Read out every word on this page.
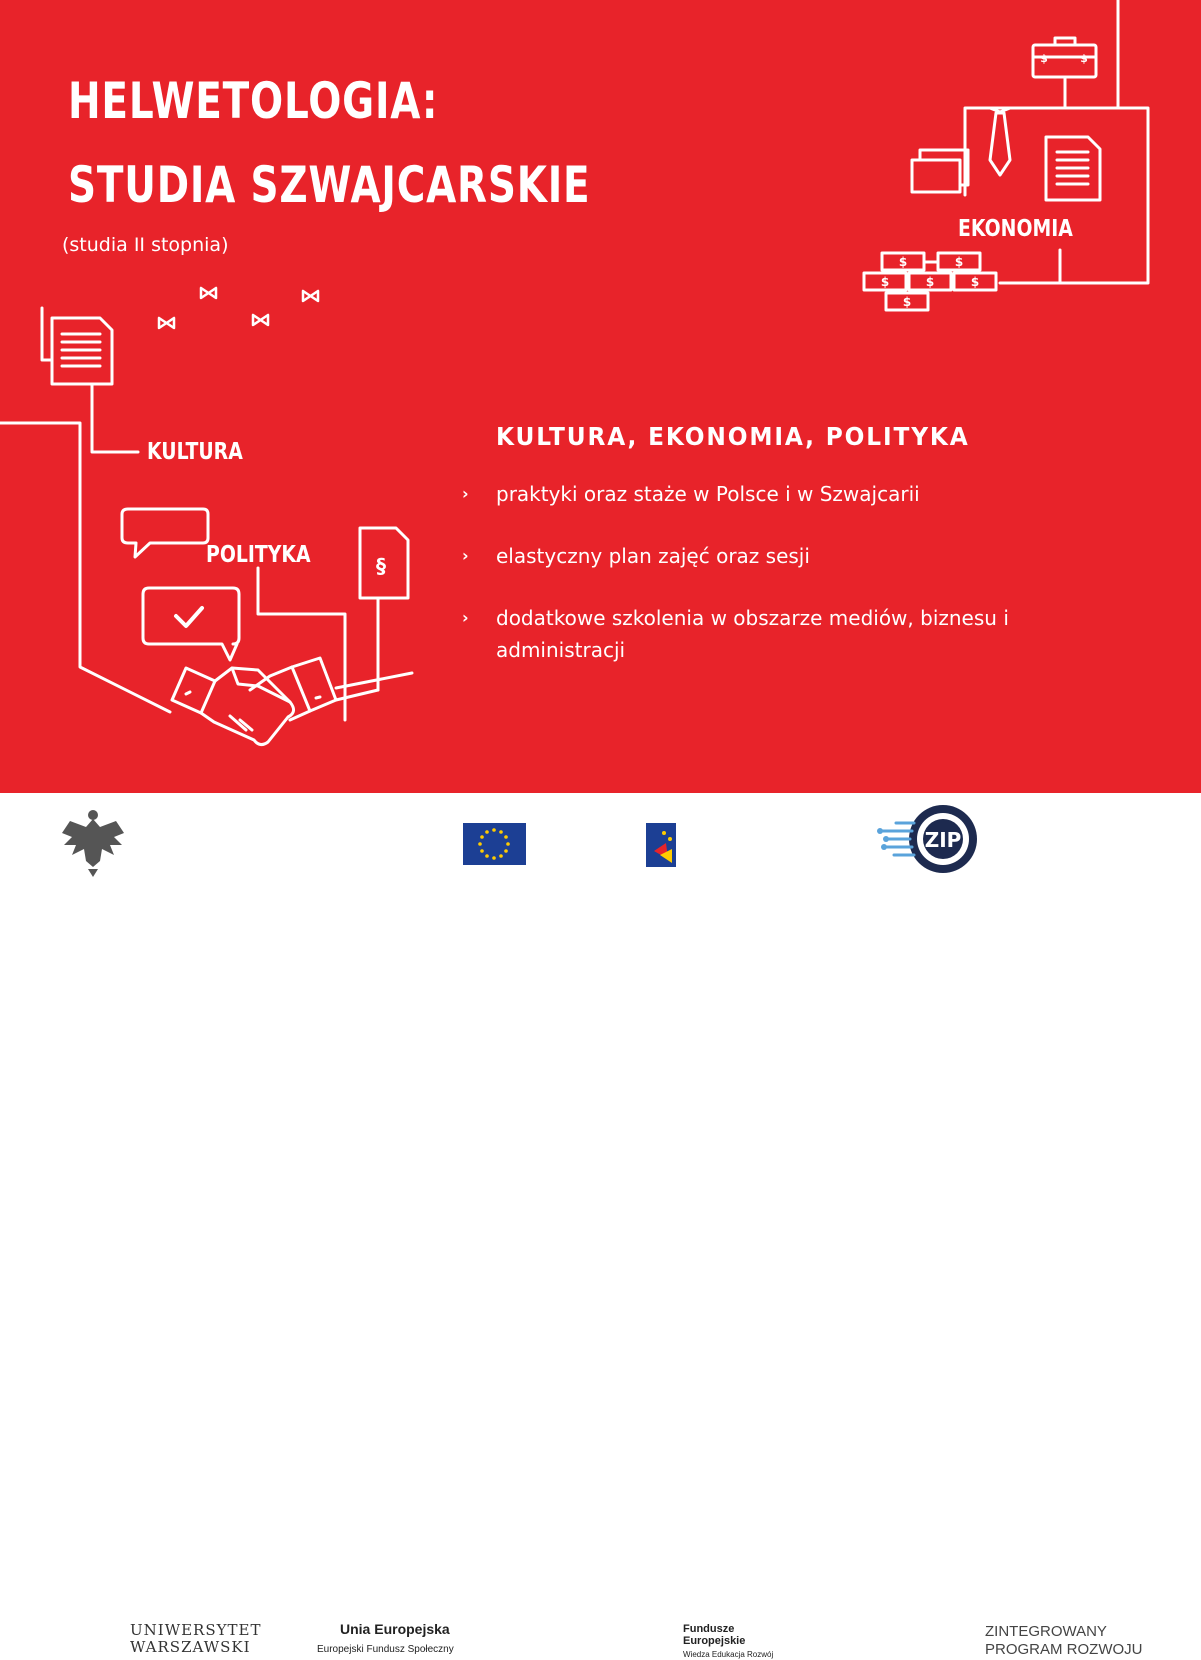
$	$
$	$
$	$	$
$
§
HELWETOLOGIA:
STUDIA SZWAJCARSKIE
(studia II stopnia)
EKONOMIA
KULTURA
POLITYKA
KULTURA, EKONOMIA, POLITYKA
› praktyki oraz staże w Polsce i w Szwajcarii
› elastyczny plan zajęć oraz sesji
› dodatkowe szkolenia w obszarze mediów, biznesu i administracji
ZIP
UNIWERSYTET
WARSZAWSKI
Unia Europejska
Europejski Fundusz Społeczny
Fundusze
Europejskie
Wiedza Edukacja Rozwój
ZINTEGROWANY
PROGRAM ROZWOJU
